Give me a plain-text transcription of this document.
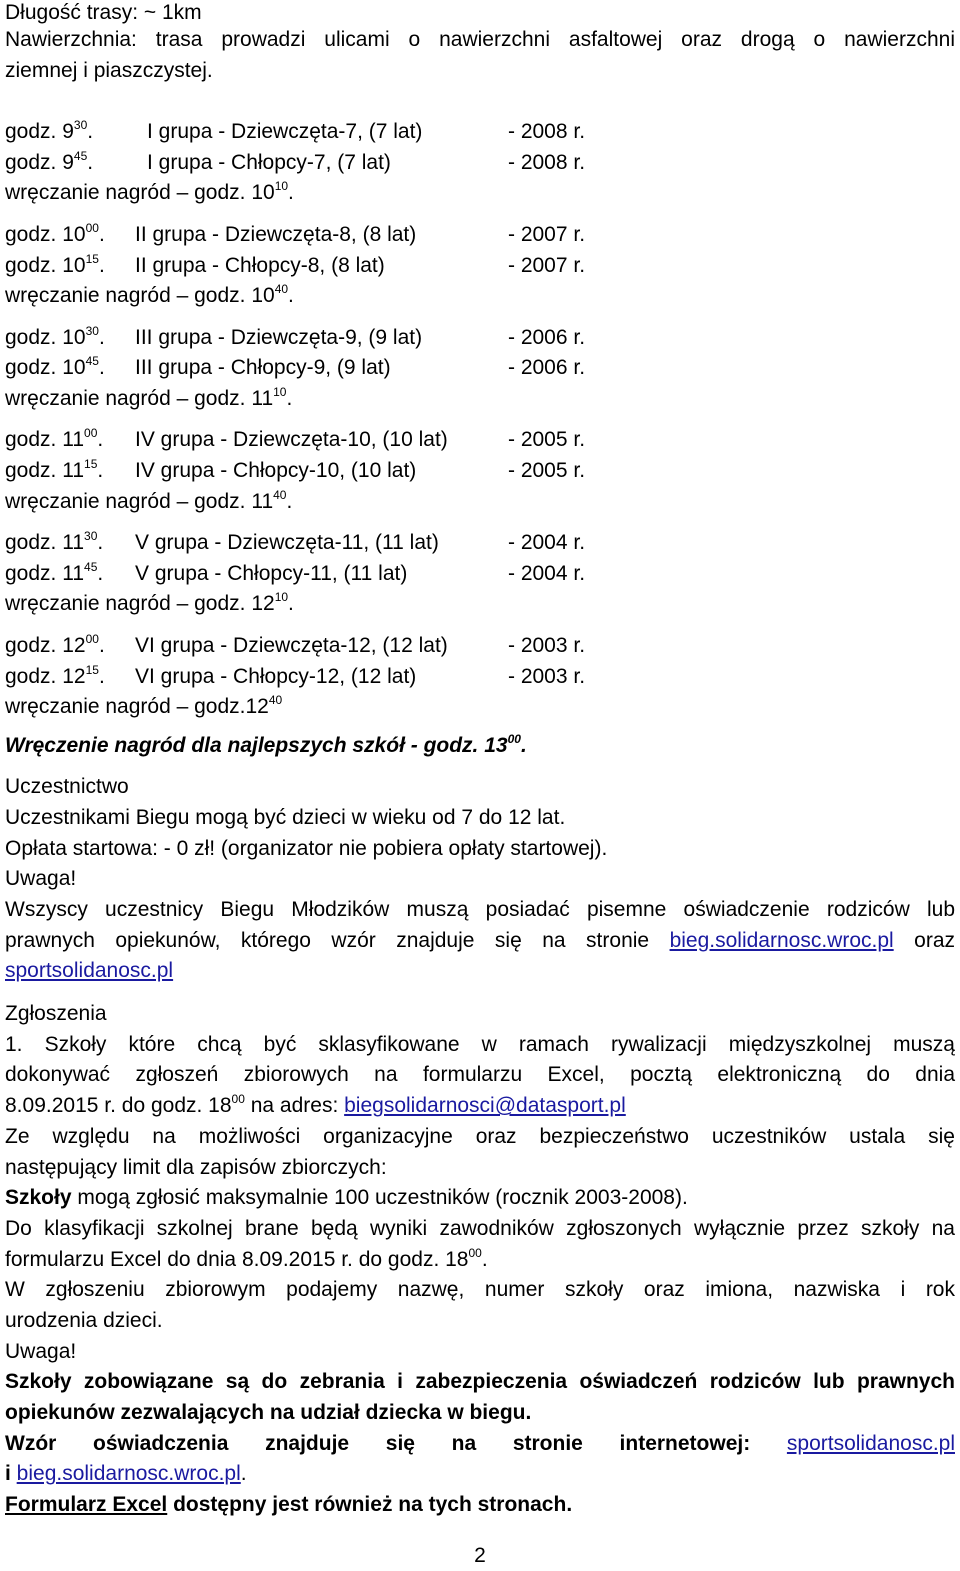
Długość trasy: ~ 1km
Nawierzchnia: trasa prowadzi ulicami o nawierzchni asfaltowej oraz drogą o nawierzchni
ziemnej i piaszczystej.
godz. $9^{30}$.	I grupa - Dziewczęta-7, (7 lat)	- 2008 r.
godz. $9^{45}$.	I grupa - Chłopcy-7, (7 lat)	- 2008 r.
wręczanie nagród – godz. $10^{10}$.
godz. $10^{00}$.	II grupa - Dziewczęta-8, (8 lat)	- 2007 r.
godz. $10^{15}$.	II grupa - Chłopcy-8, (8 lat)	- 2007 r.
wręczanie nagród – godz. $10^{40}$.
godz. $10^{30}$.	III grupa - Dziewczęta-9, (9 lat)	- 2006 r.
godz. $10^{45}$.	III grupa - Chłopcy-9, (9 lat)	- 2006 r.
wręczanie nagród – godz. $11^{10}$.
godz. $11^{00}$.	IV grupa - Dziewczęta-10, (10 lat)	- 2005 r.
godz. $11^{15}$.	IV grupa - Chłopcy-10, (10 lat)	- 2005 r.
wręczanie nagród – godz. $11^{40}$.
godz. $11^{30}$.	V grupa - Dziewczęta-11, (11 lat)	- 2004 r.
godz. $11^{45}$.	V grupa - Chłopcy-11, (11 lat)	- 2004 r.
wręczanie nagród – godz. $12^{10}$.
godz. $12^{00}$.	VI grupa - Dziewczęta-12, (12 lat)	- 2003 r.
godz. $12^{15}$.	VI grupa - Chłopcy-12, (12 lat)	- 2003 r.
wręczanie nagród – $godz.12^{40}$
Wręczenie nagród dla najlepszych szkół - godz. $13^{00}$.
Uczestnictwo
Uczestnikami Biegu mogą być dzieci w wieku od 7 do 12 lat.
Opłata startowa: - 0 zł! (organizator nie pobiera opłaty startowej).
Uwaga!
Wszyscy uczestnicy Biegu Młodzików muszą posiadać pisemne oświadczenie rodziców lub
prawnych opiekunów, którego wzór znajduje się na stronie bieg.solidarnosc.wroc.pl oraz
sportsolidanosc.pl
Zgłoszenia
1. Szkoły które chcą być sklasyfikowane w ramach rywalizacji międzyszkolnej muszą
dokonywać zgłoszeń zbiorowych na formularzu Excel, pocztą elektroniczną do dnia
8.09.2015 r. do godz. $18^{00}$ na adres: biegsolidarnosci@datasport.pl
Ze względu na możliwości organizacyjne oraz bezpieczeństwo uczestników ustala się
następujący limit dla zapisów zbiorczych:
Szkoły mogą zgłosić maksymalnie 100 uczestników (rocznik 2003-2008).
Do klasyfikacji szkolnej brane będą wyniki zawodników zgłoszonych wyłącznie przez szkoły na
formularzu Excel do dnia 8.09.2015 r. do godz. $18^{00}$.
W zgłoszeniu zbiorowym podajemy nazwę, numer szkoły oraz imiona, nazwiska i rok
urodzenia dzieci.
Uwaga!
Szkoły zobowiązane są do zebrania i zabezpieczenia oświadczeń rodziców lub prawnych
opiekunów zezwalających na udział dziecka w biegu.
Wzór oświadczenia znajduje się na stronie internetowej: sportsolidanosc.pl
i bieg.solidarnosc.wroc.pl.
Formularz Excel dostępny jest również na tych stronach.
2
